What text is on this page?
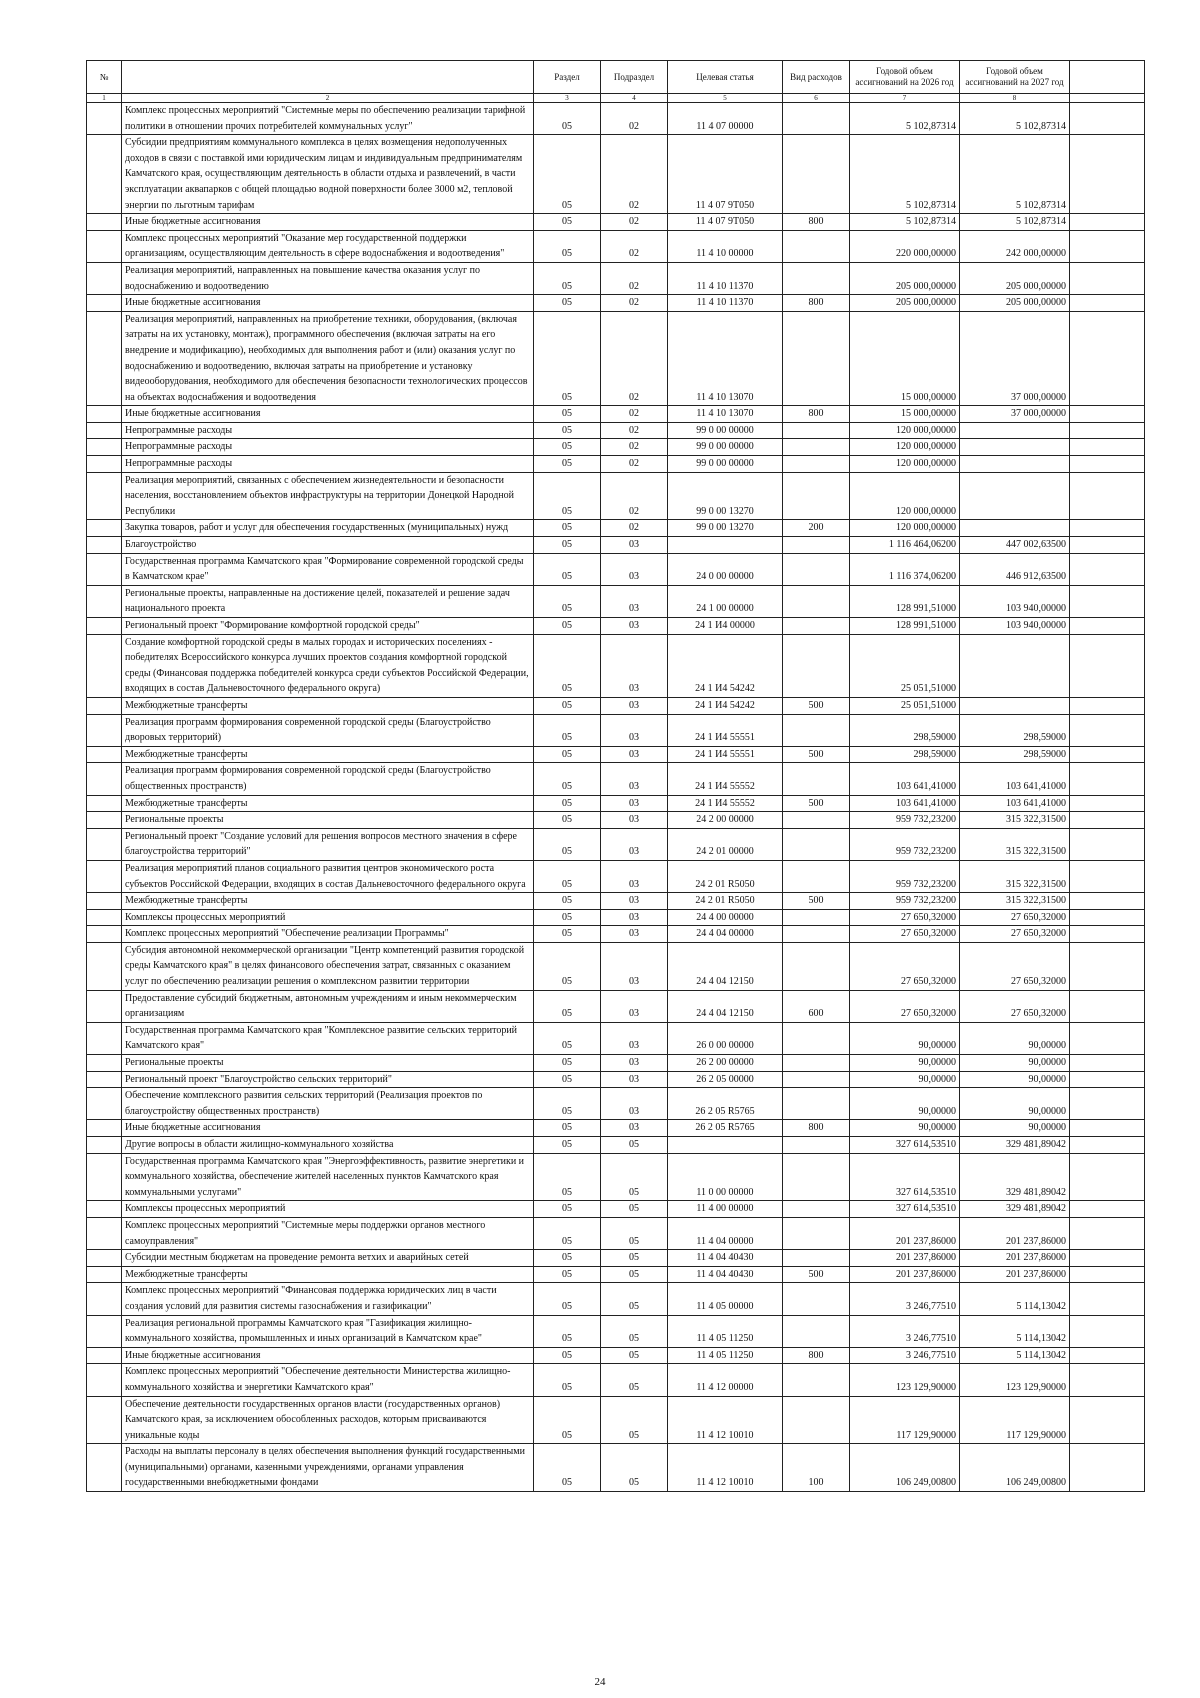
№		Раздел	Подраздел	Целевая статья	Вид расходов	Годовой объем ассигнований на 2026 год	Годовой объем ассигнований на 2027 год	
1	2	3	4	5	6	7	8	
	Комплекс процессных мероприятий "Системные меры по обеспечению реализации тарифной политики в отношении прочих потребителей коммунальных услуг"	05	02	11 4 07 00000		5 102,87314	5 102,87314	
	Субсидии предприятиям коммунального комплекса в целях возмещения недополученных доходов в связи с поставкой ими юридическим лицам и индивидуальным предпринимателям Камчатского края, осуществляющим деятельность в области отдыха и развлечений, в части эксплуатации аквапарков с общей площадью водной поверхности более 3000 м2, тепловой энергии по льготным тарифам	05	02	11 4 07 9Т050		5 102,87314	5 102,87314	
	Иные бюджетные ассигнования	05	02	11 4 07 9Т050	800	5 102,87314	5 102,87314	
	Комплекс процессных мероприятий "Оказание мер государственной поддержки организациям, осуществляющим деятельность в сфере водоснабжения и водоотведения"	05	02	11 4 10 00000		220 000,00000	242 000,00000	
	Реализация мероприятий, направленных на повышение качества оказания услуг по водоснабжению и водоотведению	05	02	11 4 10 11370		205 000,00000	205 000,00000	
	Иные бюджетные ассигнования	05	02	11 4 10 11370	800	205 000,00000	205 000,00000	
	Реализация мероприятий, направленных на приобретение техники, оборудования, (включая затраты на их установку, монтаж), программного обеспечения (включая затраты на его внедрение и модификацию), необходимых для выполнения работ и (или) оказания услуг по водоснабжению и водоотведению, включая затраты на приобретение и установку видеооборудования, необходимого для обеспечения безопасности технологических процессов на объектах водоснабжения и водоотведения	05	02	11 4 10 13070		15 000,00000	37 000,00000	
	Иные бюджетные ассигнования	05	02	11 4 10 13070	800	15 000,00000	37 000,00000	
	Непрограммные расходы	05	02	99 0 00 00000		120 000,00000		
	Непрограммные расходы	05	02	99 0 00 00000		120 000,00000		
	Непрограммные расходы	05	02	99 0 00 00000		120 000,00000		
	Реализация мероприятий, связанных с обеспечением жизнедеятельности и безопасности населения, восстановлением объектов инфраструктуры на территории Донецкой Народной Республики	05	02	99 0 00 13270		120 000,00000		
	Закупка товаров, работ и услуг для обеспечения государственных (муниципальных) нужд	05	02	99 0 00 13270	200	120 000,00000		
	Благоустройство	05	03			1 116 464,06200	447 002,63500	
	Государственная программа Камчатского края "Формирование современной городской среды в Камчатском крае"	05	03	24 0 00 00000		1 116 374,06200	446 912,63500	
	Региональные проекты, направленные на достижение целей, показателей и решение задач национального проекта	05	03	24 1 00 00000		128 991,51000	103 940,00000	
	Региональный проект "Формирование комфортной городской среды"	05	03	24 1 И4 00000		128 991,51000	103 940,00000	
	Создание комфортной городской среды в малых городах и исторических поселениях - победителях Всероссийского конкурса лучших проектов создания комфортной городской среды (Финансовая поддержка победителей конкурса среди субъектов Российской Федерации, входящих в состав Дальневосточного федерального округа)	05	03	24 1 И4 54242		25 051,51000		
	Межбюджетные трансферты	05	03	24 1 И4 54242	500	25 051,51000		
	Реализация программ формирования современной городской среды (Благоустройство дворовых территорий)	05	03	24 1 И4 55551		298,59000	298,59000	
	Межбюджетные трансферты	05	03	24 1 И4 55551	500	298,59000	298,59000	
	Реализация программ формирования современной городской среды (Благоустройство общественных пространств)	05	03	24 1 И4 55552		103 641,41000	103 641,41000	
	Межбюджетные трансферты	05	03	24 1 И4 55552	500	103 641,41000	103 641,41000	
	Региональные проекты	05	03	24 2 00 00000		959 732,23200	315 322,31500	
	Региональный проект "Создание условий для решения вопросов местного значения в сфере благоустройства территорий"	05	03	24 2 01 00000		959 732,23200	315 322,31500	
	Реализация мероприятий планов социального развития центров экономического роста субъектов Российской Федерации, входящих в состав Дальневосточного федерального округа	05	03	24 2 01 R5050		959 732,23200	315 322,31500	
	Межбюджетные трансферты	05	03	24 2 01 R5050	500	959 732,23200	315 322,31500	
	Комплексы процессных мероприятий	05	03	24 4 00 00000		27 650,32000	27 650,32000	
	Комплекс процессных мероприятий "Обеспечение реализации Программы"	05	03	24 4 04 00000		27 650,32000	27 650,32000	
	Субсидия автономной некоммерческой организации "Центр компетенций развития городской среды Камчатского края" в целях финансового обеспечения затрат, связанных с оказанием услуг по обеспечению реализации решения о комплексном развитии территории	05	03	24 4 04 12150		27 650,32000	27 650,32000	
	Предоставление субсидий бюджетным, автономным учреждениям и иным некоммерческим организациям	05	03	24 4 04 12150	600	27 650,32000	27 650,32000	
	Государственная программа Камчатского края "Комплексное развитие сельских территорий Камчатского края"	05	03	26 0 00 00000		90,00000	90,00000	
	Региональные проекты	05	03	26 2 00 00000		90,00000	90,00000	
	Региональный проект "Благоустройство сельских территорий"	05	03	26 2 05 00000		90,00000	90,00000	
	Обеспечение комплексного развития сельских территорий (Реализация проектов по благоустройству общественных пространств)	05	03	26 2 05 R5765		90,00000	90,00000	
	Иные бюджетные ассигнования	05	03	26 2 05 R5765	800	90,00000	90,00000	
	Другие вопросы в области жилищно-коммунального хозяйства	05	05			327 614,53510	329 481,89042	
	Государственная программа Камчатского края "Энергоэффективность, развитие энергетики и коммунального хозяйства, обеспечение жителей населенных пунктов Камчатского края коммунальными услугами"	05	05	11 0 00 00000		327 614,53510	329 481,89042	
	Комплексы процессных мероприятий	05	05	11 4 00 00000		327 614,53510	329 481,89042	
	Комплекс процессных мероприятий "Системные меры поддержки органов местного самоуправления"	05	05	11 4 04 00000		201 237,86000	201 237,86000	
	Субсидии местным бюджетам на проведение ремонта ветхих и аварийных сетей	05	05	11 4 04 40430		201 237,86000	201 237,86000	
	Межбюджетные трансферты	05	05	11 4 04 40430	500	201 237,86000	201 237,86000	
	Комплекс процессных мероприятий "Финансовая поддержка юридических лиц в части создания условий для развития системы газоснабжения и газификации"	05	05	11 4 05 00000		3 246,77510	5 114,13042	
	Реализация региональной программы Камчатского края "Газификация жилищно-коммунального хозяйства, промышленных и иных организаций в Камчатском крае"	05	05	11 4 05 11250		3 246,77510	5 114,13042	
	Иные бюджетные ассигнования	05	05	11 4 05 11250	800	3 246,77510	5 114,13042	
	Комплекс процессных мероприятий "Обеспечение деятельности Министерства жилищно-коммунального хозяйства и энергетики Камчатского края"	05	05	11 4 12 00000		123 129,90000	123 129,90000	
	Обеспечение деятельности государственных органов власти (государственных органов) Камчатского края, за исключением обособленных расходов, которым присваиваются уникальные коды	05	05	11 4 12 10010		117 129,90000	117 129,90000	
	Расходы на выплаты персоналу в целях обеспечения выполнения функций государственными (муниципальными) органами, казенными учреждениями, органами управления государственными внебюджетными фондами	05	05	11 4 12 10010	100	106 249,00800	106 249,00800	
24
